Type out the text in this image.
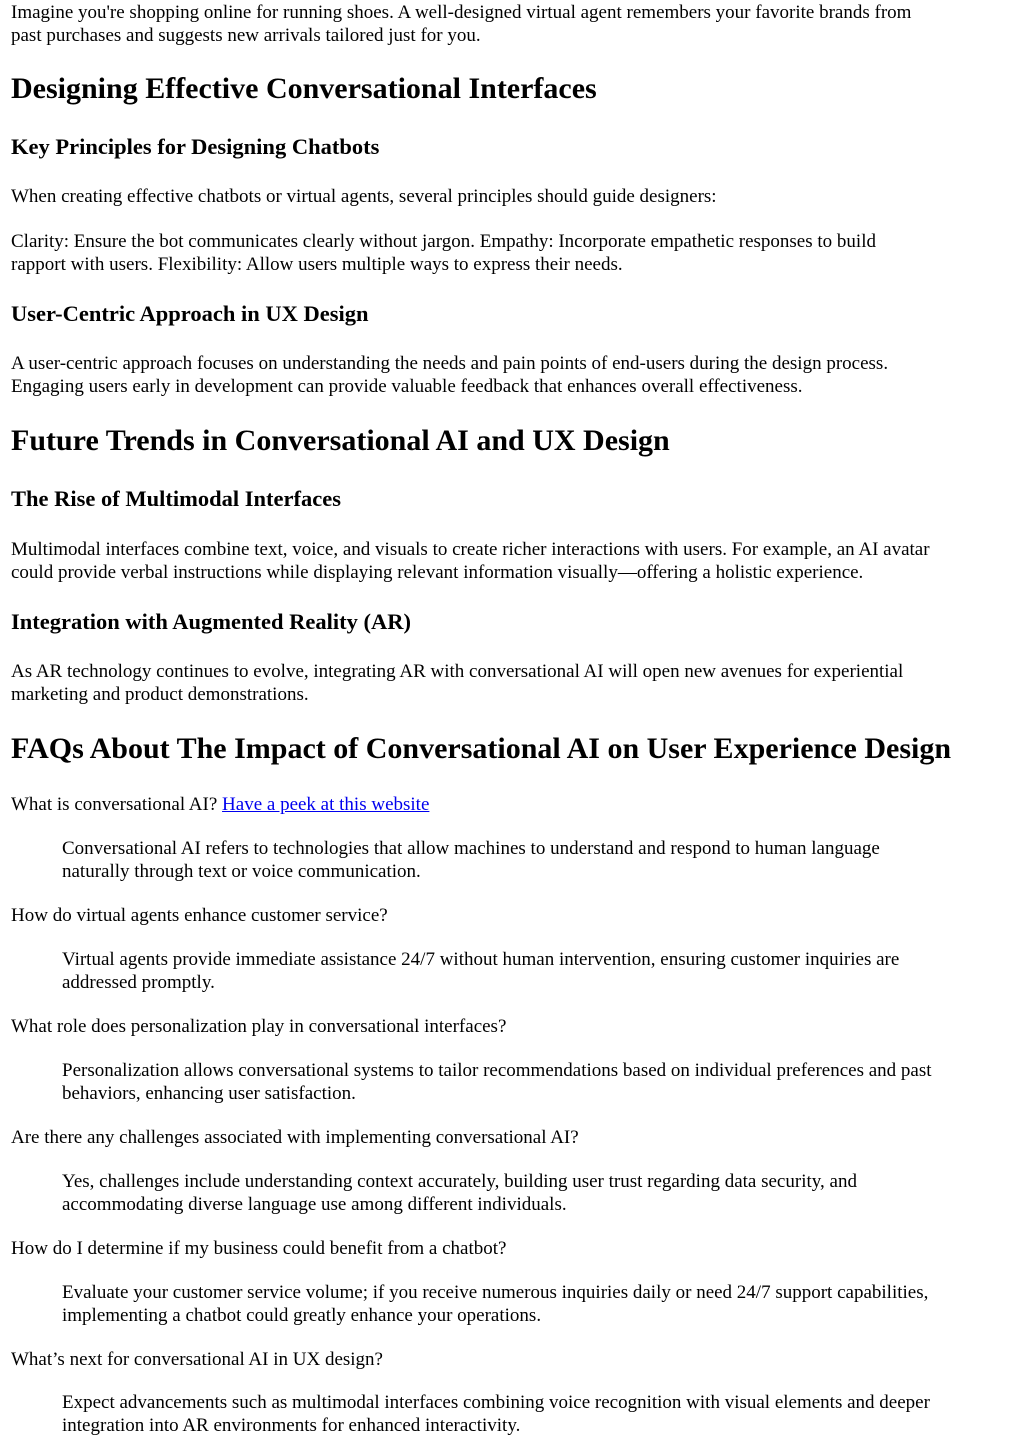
Imagine you're shopping online for running shoes. A well-designed virtual agent remembers your favorite brands from
past purchases and suggests new arrivals tailored just for you.

Designing Effective Conversational Interfaces
Key Principles for Designing Chatbots

When creating effective chatbots or virtual agents, several principles should guide designers:

Clarity: Ensure the bot communicates clearly without jargon. Empathy: Incorporate empathetic responses to build
rapport with users. Flexibility: Allow users multiple ways to express their needs.

User-Centric Approach in UX Design

A user-centric approach focuses on understanding the needs and pain points of end-users during the design process.
Engaging users early in development can provide valuable feedback that enhances overall effectiveness.

Future Trends in Conversational AI and UX Design
The Rise of Multimodal Interfaces

Multimodal interfaces combine text, voice, and visuals to create richer interactions with users. For example, an AI avatar
could provide verbal instructions while displaying relevant information visually—offering a holistic experience.

Integration with Augmented Reality (AR)

As AR technology continues to evolve, integrating AR with conversational AI will open new avenues for experiential
marketing and product demonstrations.

FAQs About The Impact of Conversational AI on User Experience Design

What is conversational AI? Have a peek at this website

Conversational AI refers to technologies that allow machines to understand and respond to human language
naturally through text or voice communication.

How do virtual agents enhance customer service?

Virtual agents provide immediate assistance 24/7 without human intervention, ensuring customer inquiries are
addressed promptly.

What role does personalization play in conversational interfaces?

Personalization allows conversational systems to tailor recommendations based on individual preferences and past
behaviors, enhancing user satisfaction.

Are there any challenges associated with implementing conversational AI?

Yes, challenges include understanding context accurately, building user trust regarding data security, and
accommodating diverse language use among different individuals.

How do I determine if my business could benefit from a chatbot?

Evaluate your customer service volume; if you receive numerous inquiries daily or need 24/7 support capabilities,
implementing a chatbot could greatly enhance your operations.

What’s next for conversational AI in UX design?

Expect advancements such as multimodal interfaces combining voice recognition with visual elements and deeper
integration into AR environments for enhanced interactivity.
